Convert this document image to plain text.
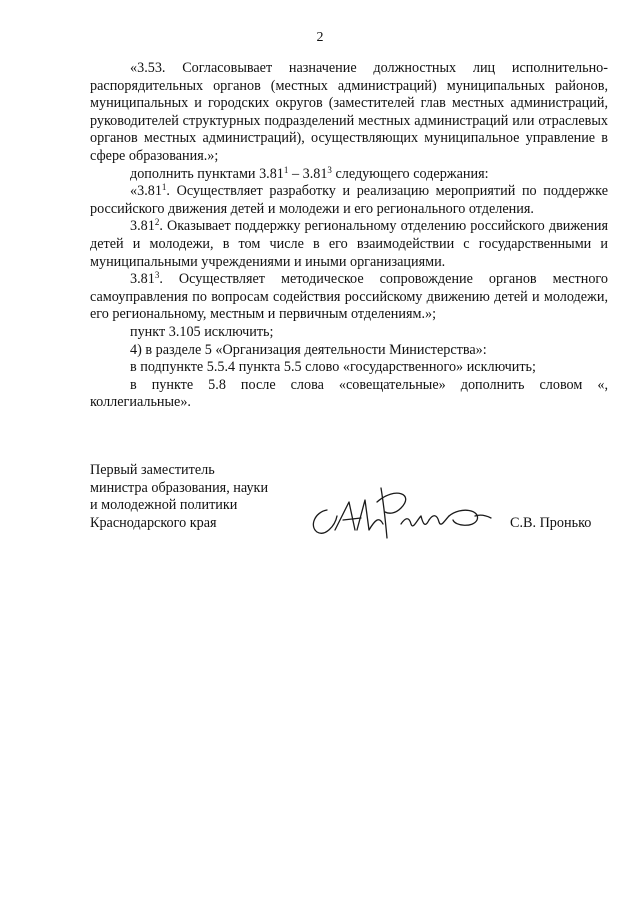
2

«3.53. Согласовывает назначение должностных лиц исполнительно-распорядительных органов (местных администраций) муниципальных районов, муниципальных и городских округов (заместителей глав местных администраций, руководителей структурных подразделений местных администраций или отраслевых органов местных администраций), осуществляющих муниципальное управление в сфере образования.»;

дополнить пунктами 3.81$^1$ – 3.81$^3$ следующего содержания:

«3.81$^1$. Осуществляет разработку и реализацию мероприятий по поддержке российского движения детей и молодежи и его регионального отделения.

3.81$^2$. Оказывает поддержку региональному отделению российского движения детей и молодежи, в том числе в его взаимодействии с государственными и муниципальными учреждениями и иными организациями.

3.81$^3$. Осуществляет методическое сопровождение органов местного самоуправления по вопросам содействия российскому движению детей и молодежи, его региональному, местным и первичным отделениям.»;

пункт 3.105 исключить;

4) в разделе 5 «Организация деятельности Министерства»:

в подпункте 5.5.4 пункта 5.5 слово «государственного» исключить;

в пункте 5.8 после слова «совещательные» дополнить словом «, коллегиальные».

Первый заместитель
министра образования, науки
и молодежной политики
Краснодарского края	С.В. Пронько
